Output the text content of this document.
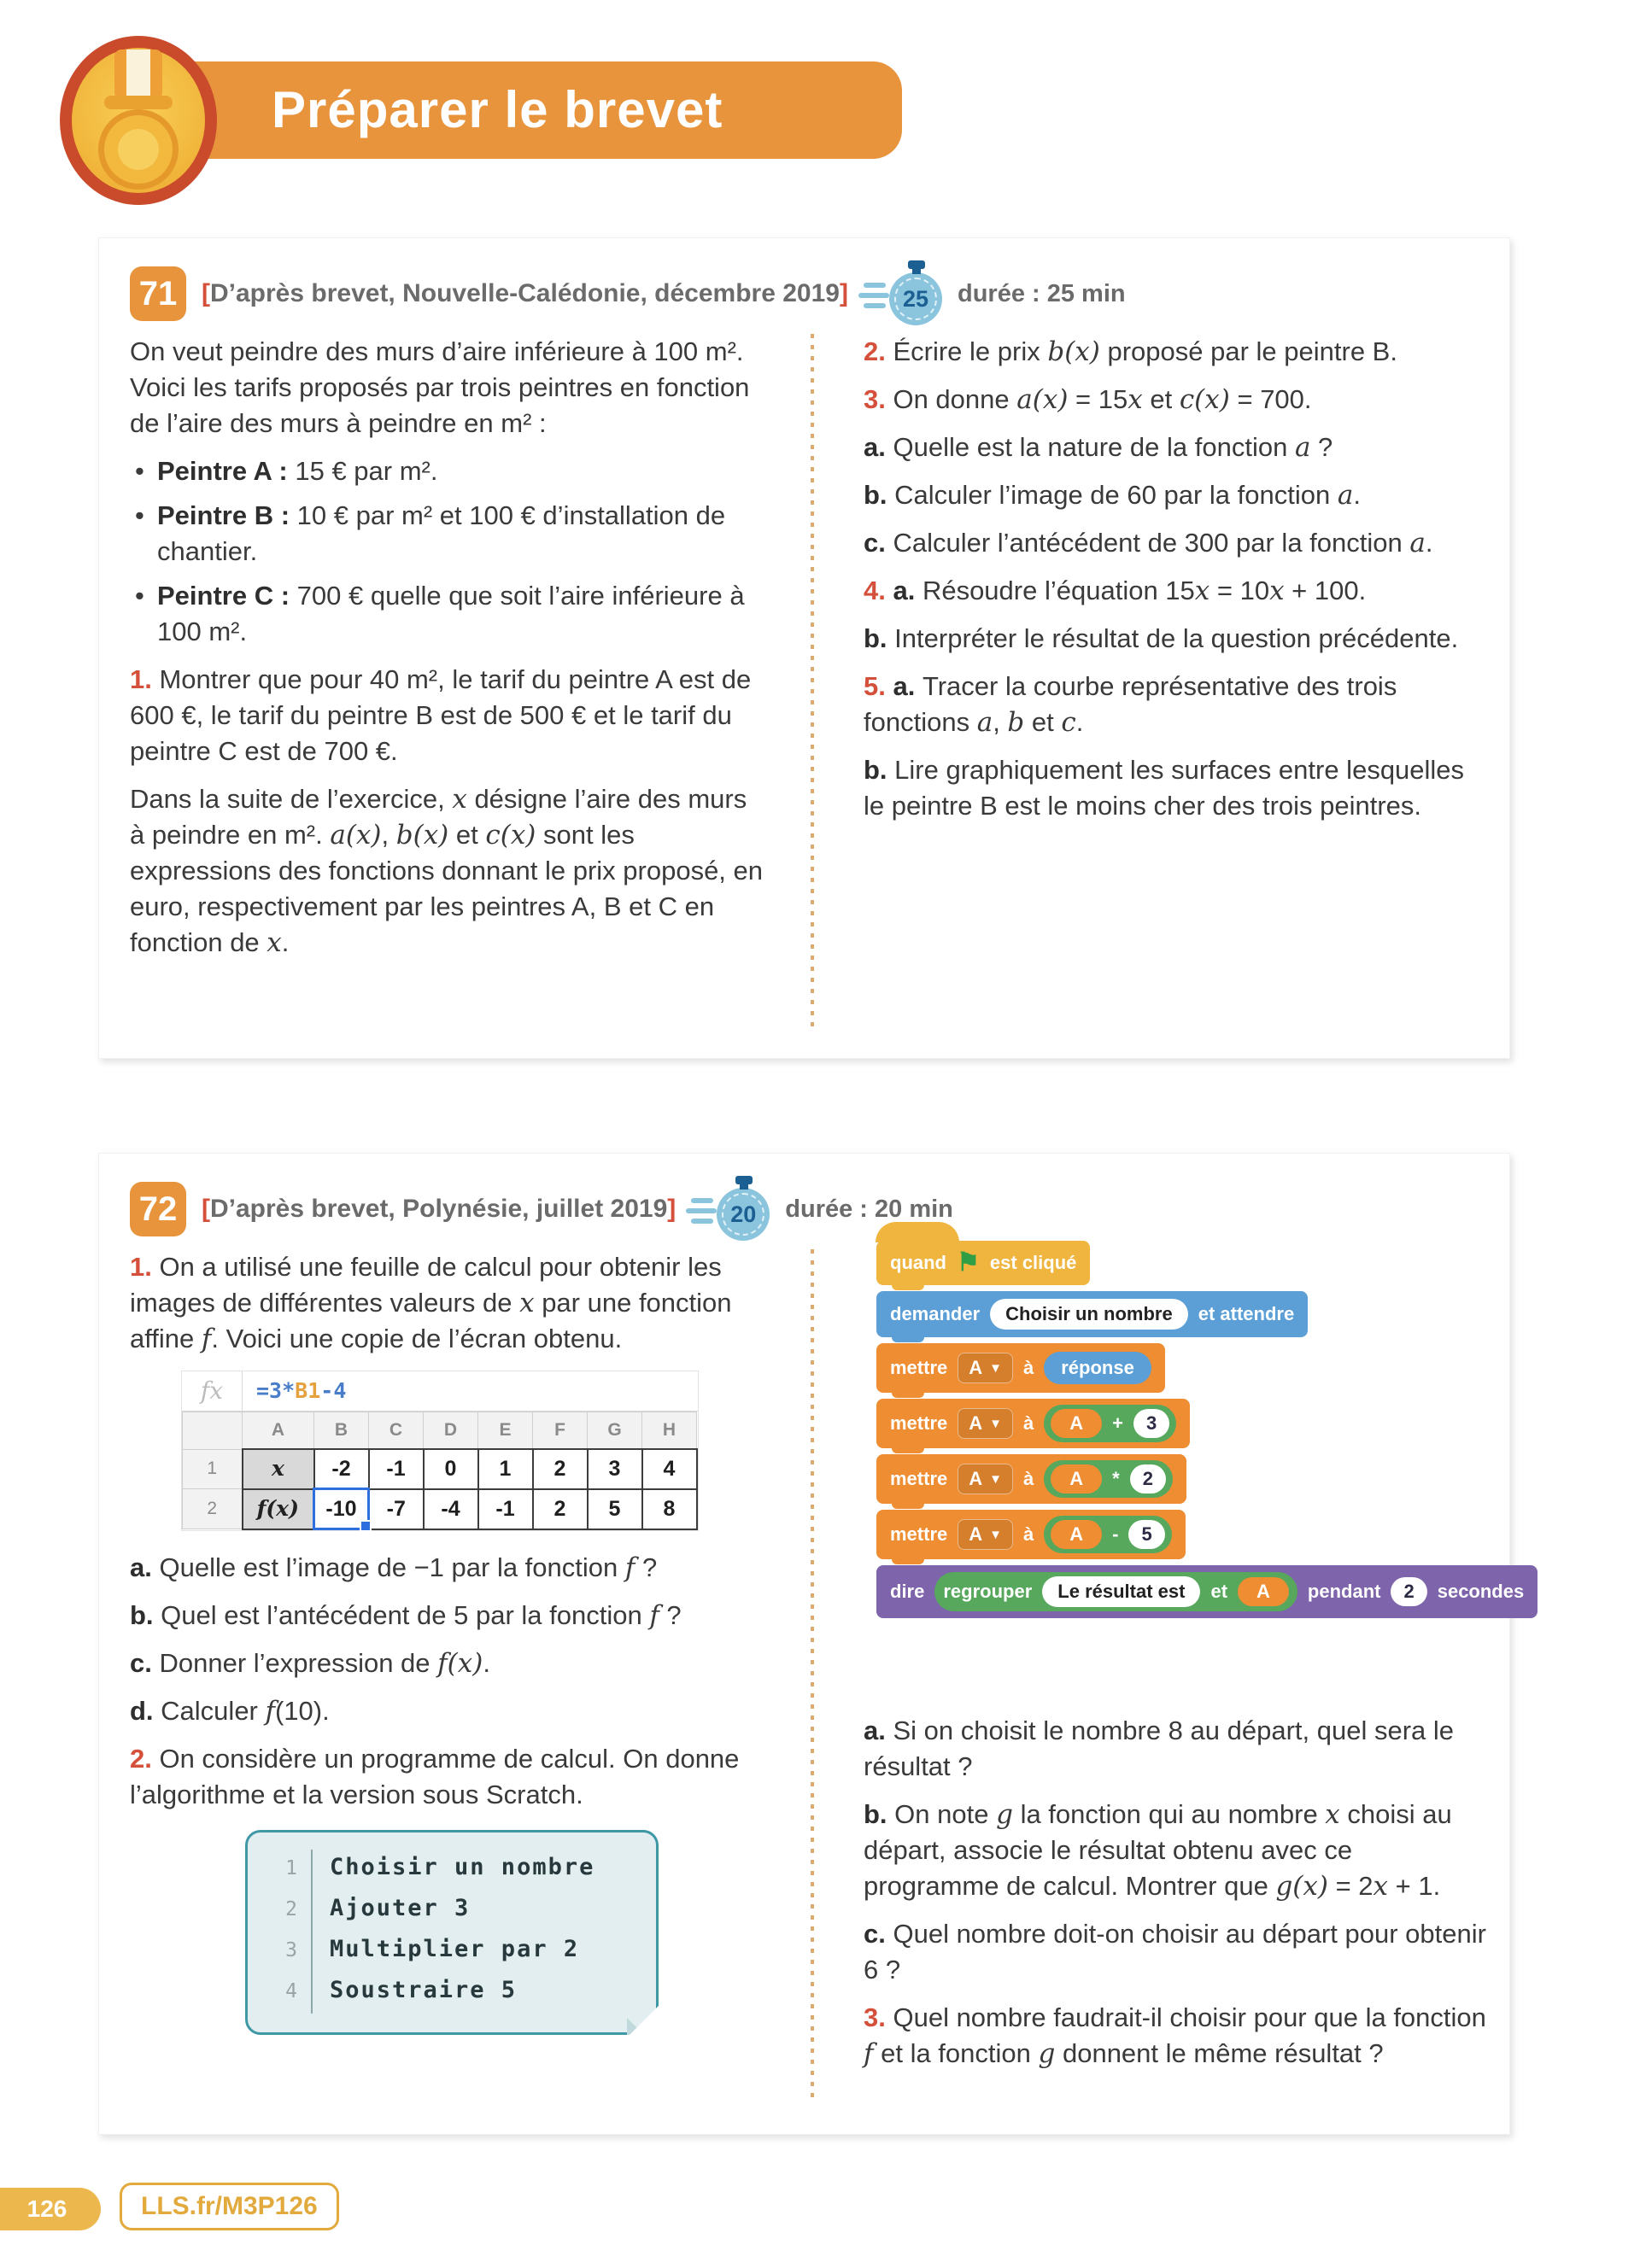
Préparer le brevet
71 [D’après brevet, Nouvelle-Calédonie, décembre 2019]	25	durée : 25 min

On veut peindre des murs d’aire inférieure à 100 m². Voici les tarifs proposés par trois peintres en fonction de l’aire des murs à peindre en m² :

• Peintre A : 15 € par m².
• Peintre B : 10 € par m² et 100 € d’installation de chantier.
• Peintre C : 700 € quelle que soit l’aire inférieure à 100 m².

1. Montrer que pour 40 m², le tarif du peintre A est de 600 €, le tarif du peintre B est de 500 € et le tarif du peintre C est de 700 €.

Dans la suite de l’exercice, x désigne l’aire des murs à peindre en m². a(x), b(x) et c(x) sont les expressions des fonctions donnant le prix proposé, en euro, respectivement par les peintres A, B et C en fonction de x.

2. Écrire le prix b(x) proposé par le peintre B.

3. On donne a(x) = 15x et c(x) = 700.

a. Quelle est la nature de la fonction a ?

b. Calculer l’image de 60 par la fonction a.

c. Calculer l’antécédent de 300 par la fonction a.

4. a. Résoudre l’équation 15x = 10x + 100.

b. Interpréter le résultat de la question précédente.

5. a. Tracer la courbe représentative des trois fonctions a, b et c.

b. Lire graphiquement les surfaces entre lesquelles le peintre B est le moins cher des trois peintres.

72 [D’après brevet, Polynésie, juillet 2019]	20	durée : 20 min

1. On a utilisé une feuille de calcul pour obtenir les images de différentes valeurs de x par une fonction affine f. Voici une copie de l’écran obtenu.

fx	=3* B1 -4
	A	B	C	D	E	F	G	H
1	x	-2	-1	0	1	2	3	4
2	f(x)	-10	-7	-4	-1	2	5	8

a. Quelle est l’image de −1 par la fonction f ?

b. Quel est l’antécédent de 5 par la fonction f ?

c. Donner l’expression de f(x).

d. Calculer f(10).

2. On considère un programme de calcul. On donne l’algorithme et la version sous Scratch.

1 Choisir un nombre
2 Ajouter 3
3 Multiplier par 2
4 Soustraire 5
quand ⚑ est cliqué
demander	Choisir un nombre	et attendre
mettre A ▼ à	réponse
mettre A ▼ à	A	+	3
mettre A ▼ à	A	*	2
mettre A ▼ à	A	-	5
dire regrouper	Le résultat est	et	A	pendant	2	secondes

a. Si on choisit le nombre 8 au départ, quel sera le résultat ?

b. On note g la fonction qui au nombre x choisi au départ, associe le résultat obtenu avec ce programme de calcul. Montrer que g(x) = 2x + 1.

c. Quel nombre doit-on choisir au départ pour obtenir 6 ?

3. Quel nombre faudrait-il choisir pour que la fonction f et la fonction g donnent le même résultat ?

126	LLS.fr/M3P126
